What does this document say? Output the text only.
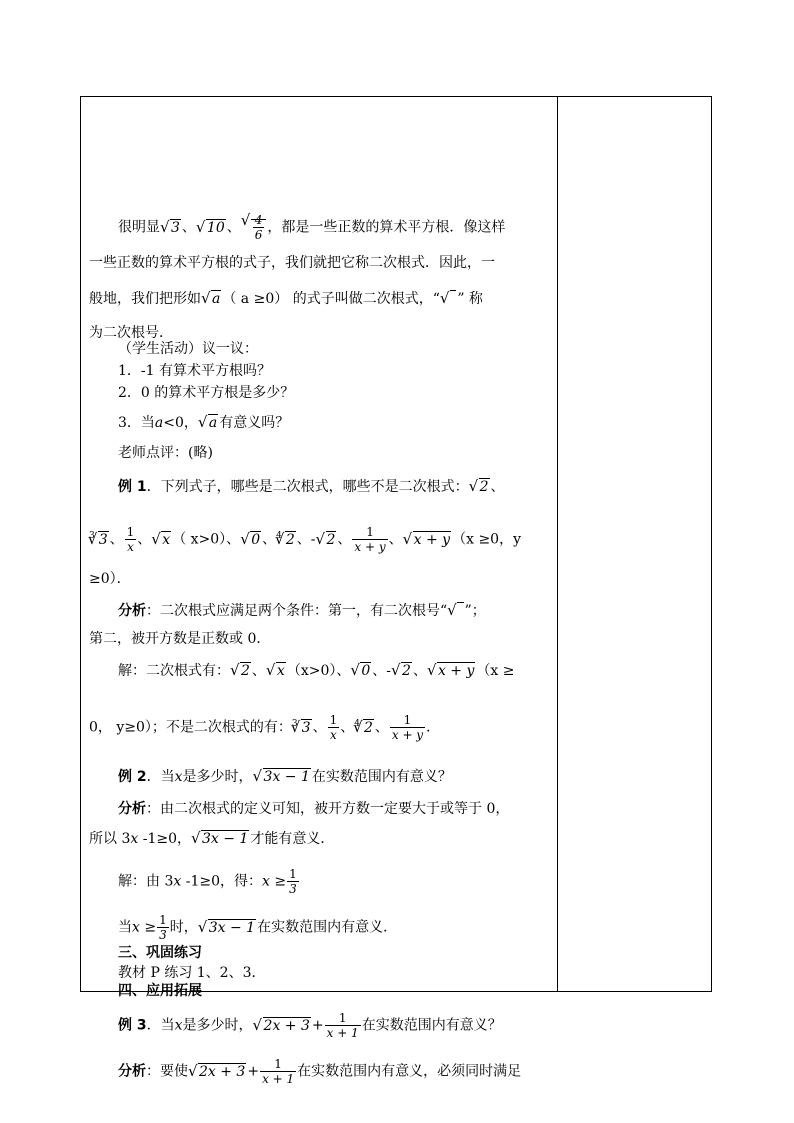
很明显 √ 3 、 √ 10 、 √ $\frac{4}{6}$ ，都是一些正数的算术平方根．像这样
一些正数的算术平方根的式子，我们就把它称二次根式．因此，一
般地，我们把形如 √ a （ a ≥0） 的式子叫做二次根式，“ √ ” 称
为二次根号．
（学生活动）议一议：
1．-1 有算术平方根吗？
2．0 的算术平方根是多少？
3．当a<0， √ a 有意义吗？
老师点评：(略)
例 1．下列式子，哪些是二次根式，哪些不是二次根式： √ 2 、
$^3$ √ 3 、 $\frac{1}{x}$ 、 √ x （ x>0）、 √ 0 、$^4$ √ 2 、- √ 2 、 $\frac{1}{x + y}$ 、 √ x + y （x ≥0，y
≥0）．
分析：二次根式应满足两个条件：第一，有二次根号“ √ ”；
第二，被开方数是正数或 0．
解：二次根式有： √ 2 、 √ x （x>0）、 √ 0 、- √ 2 、 √ x + y （x ≥
0， y≥0）；不是二次根式的有：$^3$ √ 3 、 $\frac{1}{x}$ 、$^4$ √ 2 、 $\frac{1}{x + y}$ ．
例 2．当x是多少时， √ 3x − 1 在实数范围内有意义？
分析：由二次根式的定义可知，被开方数一定要大于或等于 0，
所以 3x -1≥0， √ 3x − 1 才能有意义．
解：由 3x -1≥0，得：$x \ge \frac{1}{3}$
当$x \ge \frac{1}{3}$ 时， √ 3x − 1 在实数范围内有意义．
三、巩固练习
教材 P 练习 1、2、3．
四、应用拓展
例 3．当x是多少时， √ $2x + 3 + \frac{1}{x + 1}$ 在实数范围内有意义？
分析：要使 √ $2x + 3 + \frac{1}{x + 1}$ 在实数范围内有意义，必须同时满足
